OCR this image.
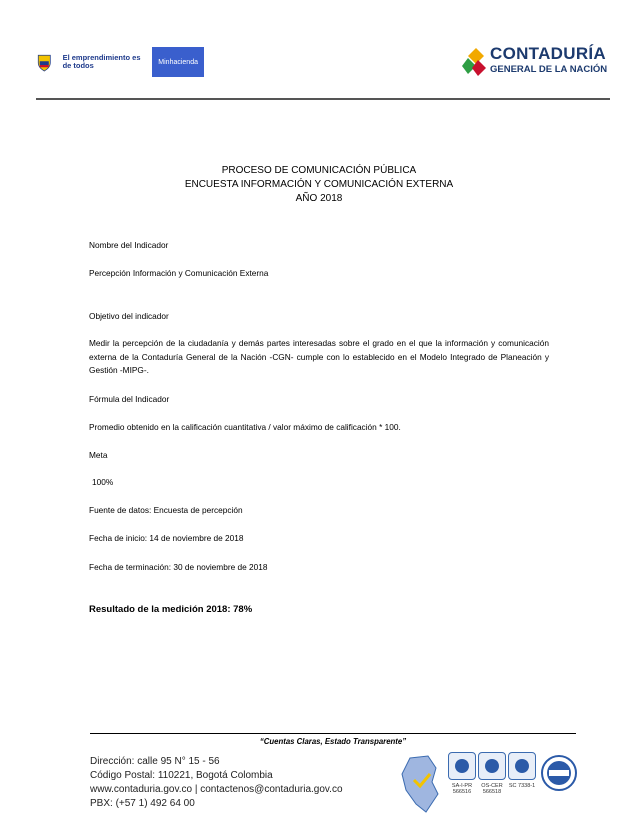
El emprendimiento es de todos	Minhacienda	CONTADURÍA
GENERAL DE LA NACIÓN
PROCESO DE COMUNICACIÓN PÚBLICA
ENCUESTA INFORMACIÓN Y COMUNICACIÓN EXTERNA
AÑO 2018
Nombre del Indicador
Percepción Información y Comunicación Externa
Objetivo del indicador
Medir la percepción de la ciudadanía y demás partes interesadas sobre el grado en el que la información y comunicación externa de la Contaduría General de la Nación -CGN- cumple con lo establecido en el Modelo Integrado de Planeación y Gestión -MIPG-.
Fórmula del Indicador
Promedio obtenido en la calificación cuantitativa / valor máximo de calificación * 100.
Meta
100%
Fuente de datos: Encuesta de percepción
Fecha de inicio: 14 de noviembre de 2018
Fecha de terminación: 30 de noviembre de 2018
Resultado de la medición 2018: 78%
“Cuentas Claras, Estado Transparente”
Dirección: calle 95 N° 15 - 56
Código Postal: 110221, Bogotá Colombia
www.contaduria.gov.co | contactenos@contaduria.gov.co
PBX: (+57 1) 492 64 00
SA-I-PR 566516
OS-CER 566518
SC 7338-1
